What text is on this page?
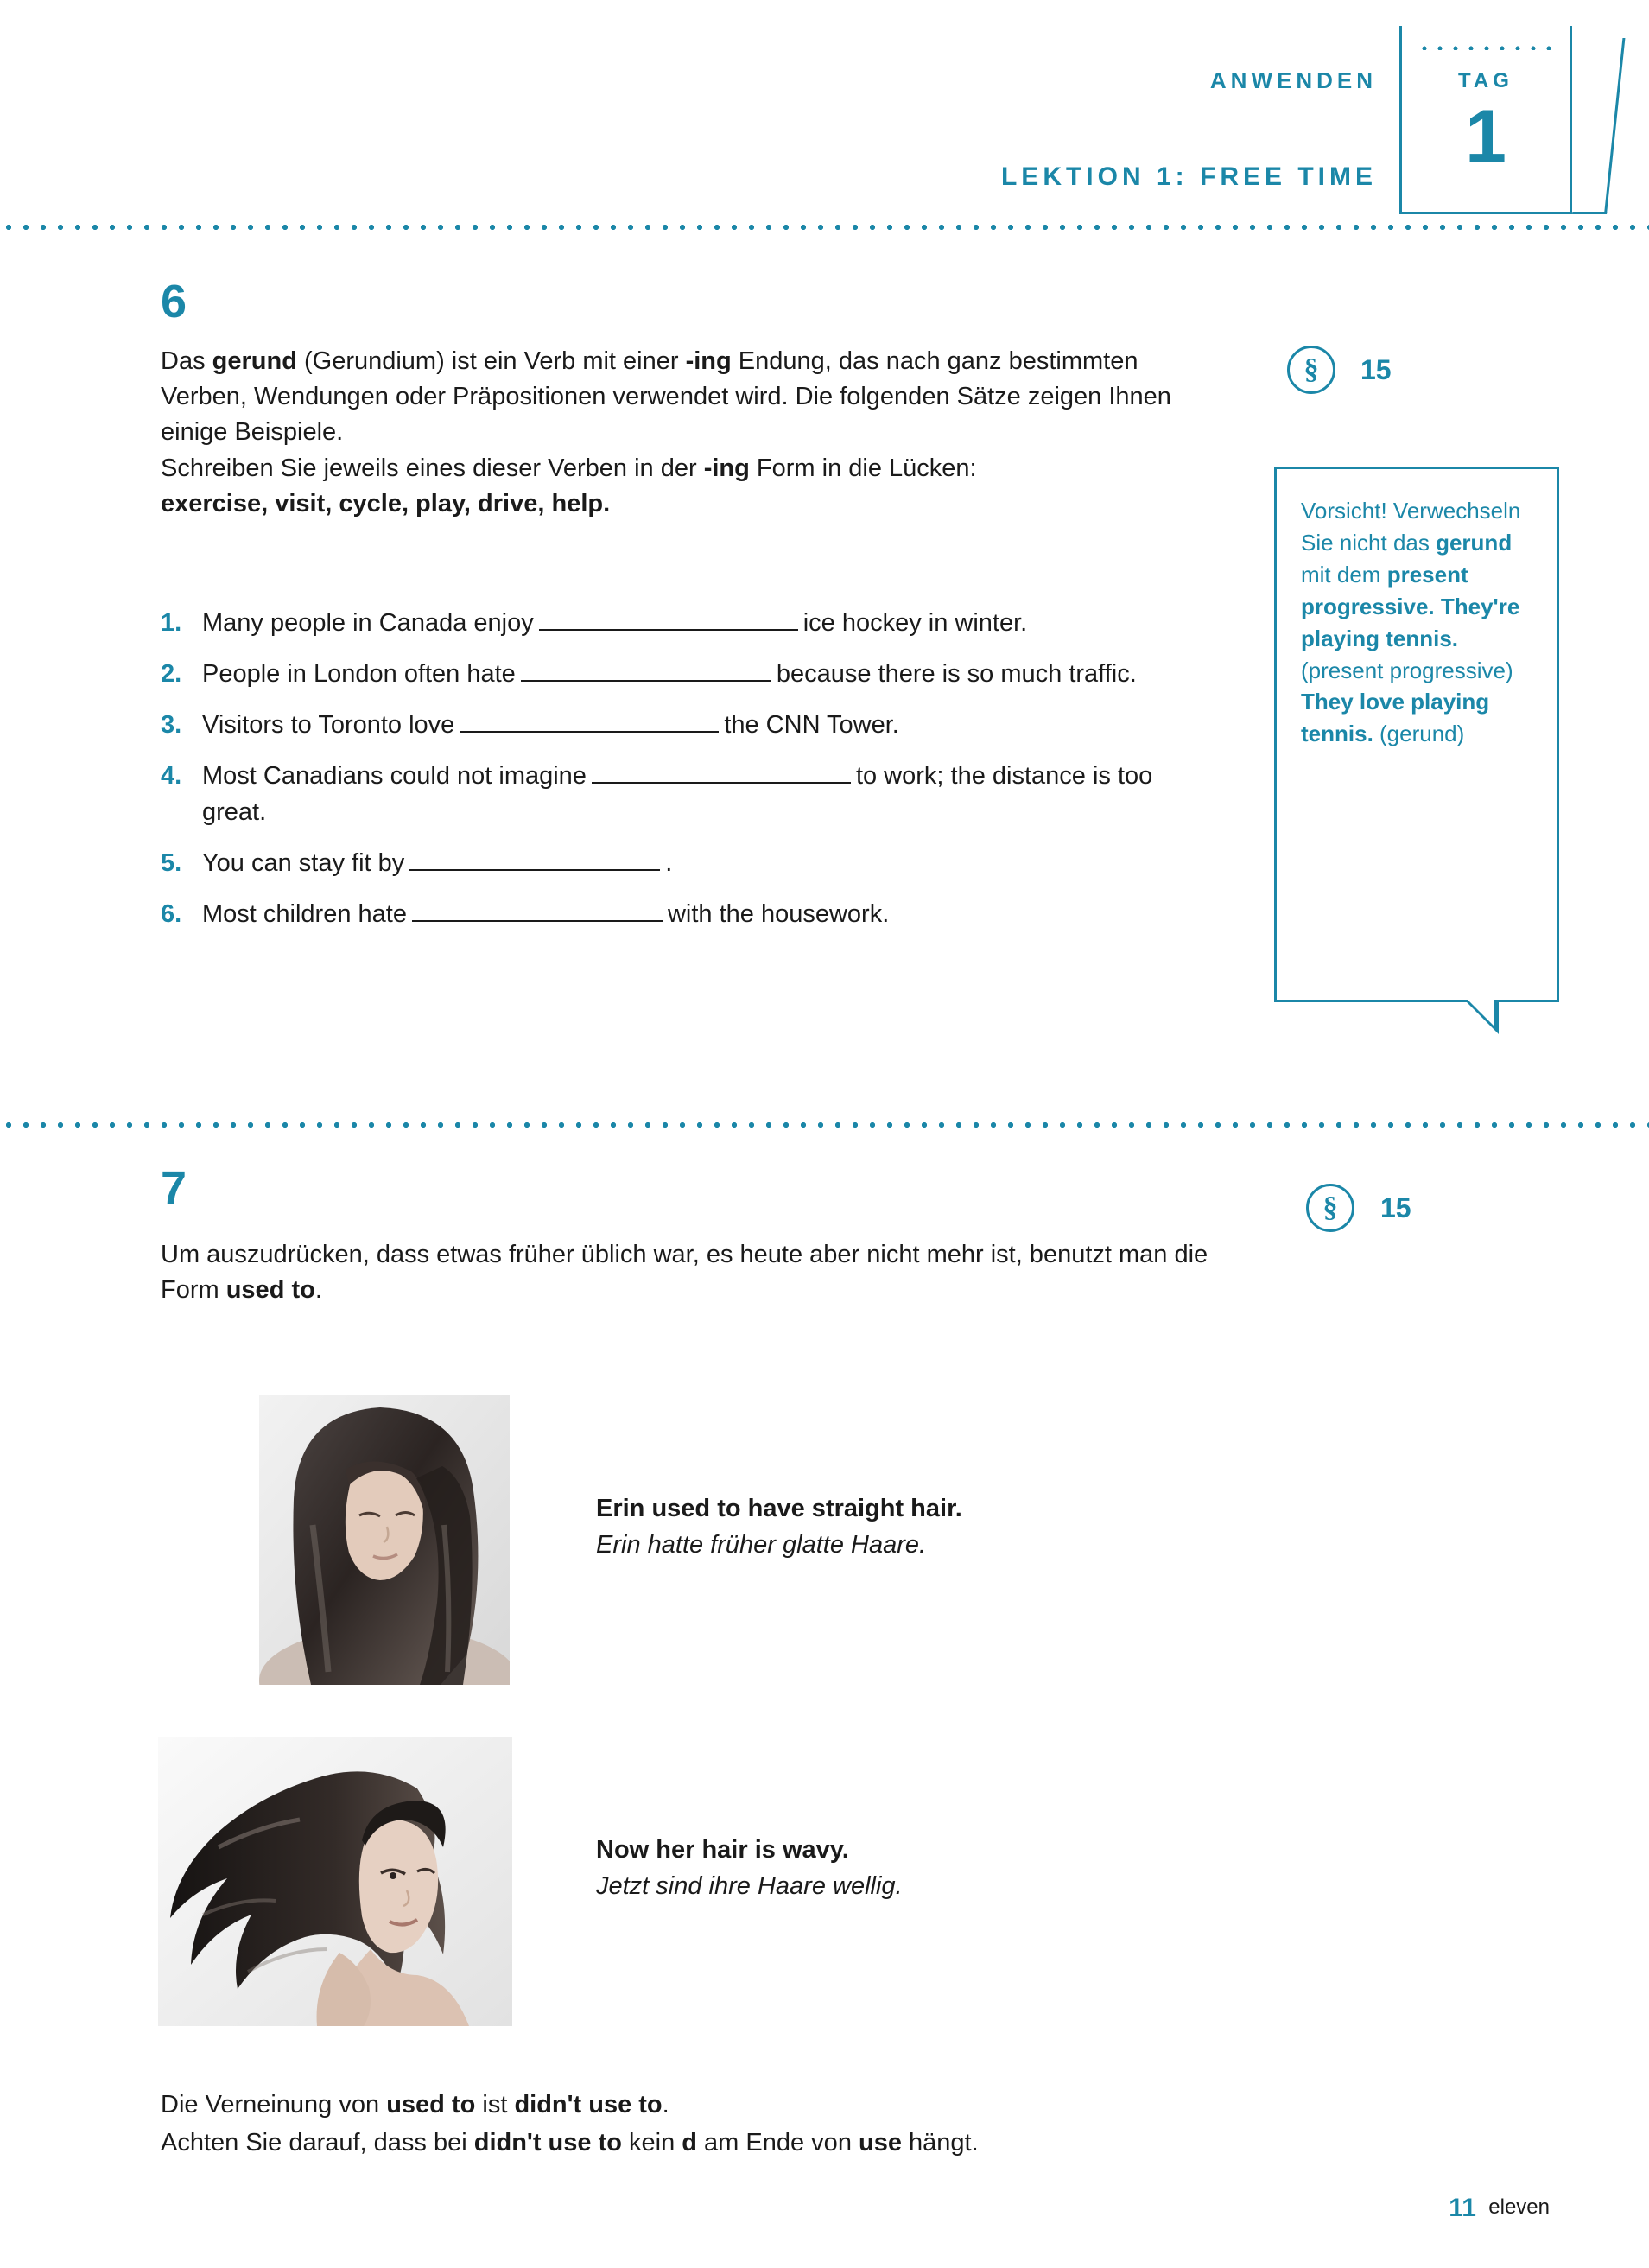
ANWENDEN
LEKTION 1: FREE TIME
TAG
1
6
Das gerund (Gerundium) ist ein Verb mit einer -ing Endung, das nach ganz bestimmten Verben, Wendungen oder Präpositionen verwendet wird. Die folgenden Sätze zeigen Ihnen einige Beispiele.
Schreiben Sie jeweils eines dieser Verben in der -ing Form in die Lücken:
exercise, visit, cycle, play, drive, help.
1. Many people in Canada enjoy	ice hockey in winter.
2. People in London often hate	because there is so much traffic.
3. Visitors to Toronto love	the CNN Tower.
4. Most Canadians could not imagine	to work; the distance is too great.
5. You can stay fit by	.
6. Most children hate	with the housework.
§	15
Vorsicht! Verwechseln Sie nicht das gerund mit dem present progressive. They're playing tennis. (present progressive) They love playing tennis. (gerund)
7	§	15
Um auszudrücken, dass etwas früher üblich war, es heute aber nicht mehr ist, benutzt man die Form used to.
Erin used to have straight hair.
Erin hatte früher glatte Haare.
Now her hair is wavy.
Jetzt sind ihre Haare wellig.
Die Verneinung von used to ist didn't use to.
Achten Sie darauf, dass bei didn't use to kein d am Ende von use hängt.
11 eleven
